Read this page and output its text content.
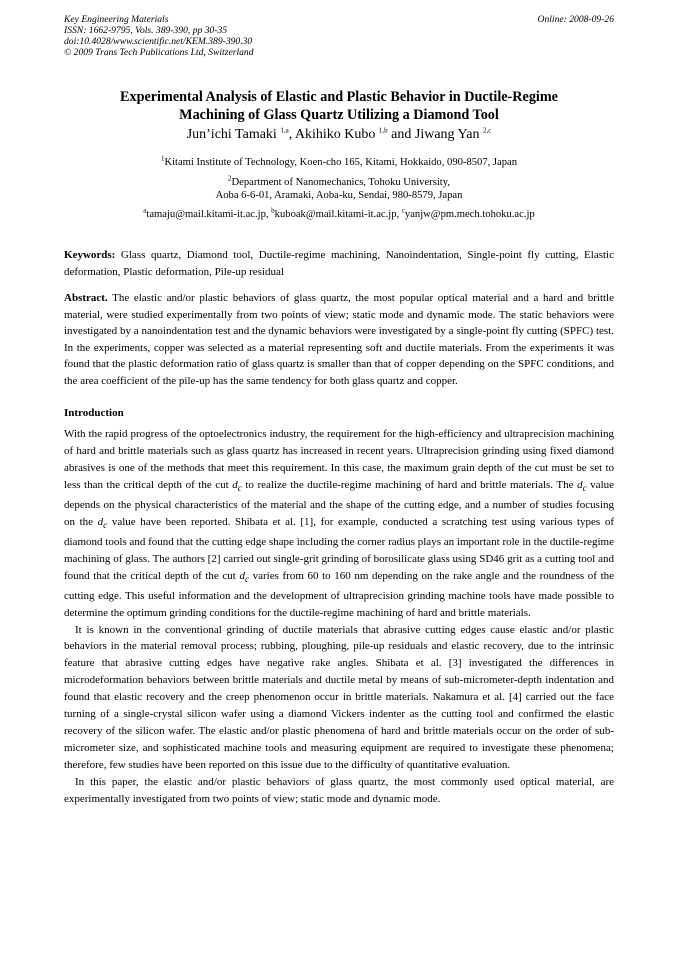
Key Engineering Materials
ISSN: 1662-9795, Vols. 389-390, pp 30-35
doi:10.4028/www.scientific.net/KEM.389-390.30
© 2009 Trans Tech Publications Ltd, Switzerland
Online: 2008-09-26
Experimental Analysis of Elastic and Plastic Behavior in Ductile-Regime
Machining of Glass Quartz Utilizing a Diamond Tool
Jun’ichi Tamaki $^{1,a}$, Akihiko Kubo $^{1,b}$ and Jiwang Yan $^{2,c}$
$^1$Kitami Institute of Technology, Koen-cho 165, Kitami, Hokkaido, 090-8507, Japan
$^2$Department of Nanomechanics, Tohoku University,
Aoba 6-6-01, Aramaki, Aoba-ku, Sendai, 980-8579, Japan
$^a$tamaju@mail.kitami-it.ac.jp, $^b$kuboak@mail.kitami-it.ac.jp, $^c$yanjw@pm.mech.tohoku.ac.jp
Keywords: Glass quartz, Diamond tool, Ductile-regime machining, Nanoindentation, Single-point fly cutting, Elastic deformation, Plastic deformation, Pile-up residual
Abstract. The elastic and/or plastic behaviors of glass quartz, the most popular optical material and a hard and brittle material, were studied experimentally from two points of view; static mode and dynamic mode. The static behaviors were investigated by a nanoindentation test and the dynamic behaviors were investigated by a single-point fly cutting (SPFC) test. In the experiments, copper was selected as a material representing soft and ductile materials. From the experiments it was found that the plastic deformation ratio of glass quartz is smaller than that of copper depending on the SPFC conditions, and the area coefficient of the pile-up has the same tendency for both glass quartz and copper.
Introduction
With the rapid progress of the optoelectronics industry, the requirement for the high-efficiency and ultraprecision machining of hard and brittle materials such as glass quartz has increased in recent years. Ultraprecision grinding using fixed diamond abrasives is one of the methods that meet this requirement. In this case, the maximum grain depth of the cut must be set to less than the critical depth of the cut $d_c$ to realize the ductile-regime machining of hard and brittle materials. The $d_c$ value depends on the physical characteristics of the material and the shape of the cutting edge, and a number of studies focusing on the $d_c$ value have been reported. Shibata et al. [1], for example, conducted a scratching test using various types of diamond tools and found that the cutting edge shape including the corner radius plays an important role in the ductile-regime machining of glass. The authors [2] carried out single-grit grinding of borosilicate glass using SD46 grit as a cutting tool and found that the critical depth of the cut $d_c$ varies from 60 to 160 nm depending on the rake angle and the roundness of the cutting edge. This useful information and the development of ultraprecision grinding machine tools have made possible to determine the optimum grinding conditions for the ductile-regime machining of hard and brittle materials.
It is known in the conventional grinding of ductile materials that abrasive cutting edges cause elastic and/or plastic behaviors in the material removal process; rubbing, ploughing, pile-up residuals and elastic recovery, due to the intrinsic feature that abrasive cutting edges have negative rake angles. Shibata et al. [3] investigated the differences in microdeformation behaviors between brittle materials and ductile metal by means of sub-micrometer-depth indentation and found that elastic recovery and the creep phenomenon occur in brittle materials. Nakamura et al. [4] carried out the face turning of a single-crystal silicon wafer using a diamond Vickers indenter as the cutting tool and confirmed the elastic recovery of the silicon wafer. The elastic and/or plastic phenomena of hard and brittle materials occur on the order of sub-micrometer size, and sophisticated machine tools and measuring equipment are required to investigate these phenomena; therefore, few studies have been reported on this issue due to the difficulty of quantitative evaluation.
In this paper, the elastic and/or plastic behaviors of glass quartz, the most commonly used optical material, are experimentally investigated from two points of view; static mode and dynamic mode.
